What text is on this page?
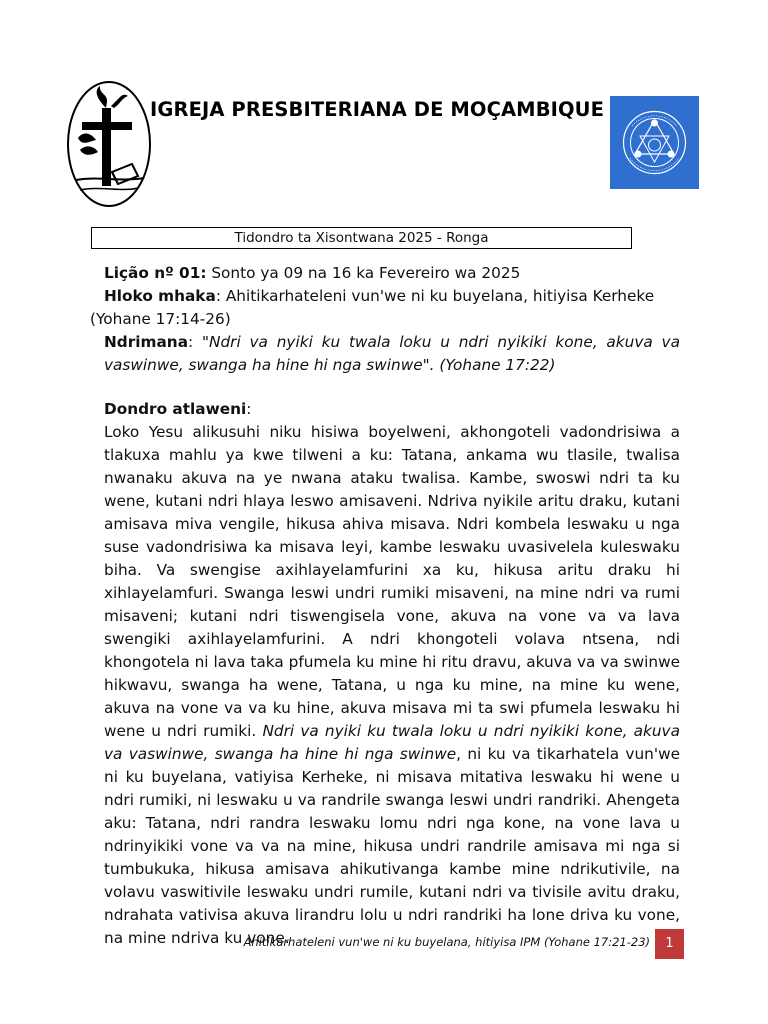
IGREJA PRESBITERIANA DE MOÇAMBIQUE
Tidondro ta Xisontwana 2025 - Ronga
Lição nº 01: Sonto ya 09 na 16 ka Fevereiro wa 2025
Hloko mhaka: Ahitikarhateleni vun'we ni ku buyelana, hitiyisa Kerheke
(Yohane 17:14-26)
Ndrimana: "Ndri va nyiki ku twala loku u ndri nyikiki kone, akuva va vaswinwe, swanga ha hine hi nga swinwe". (Yohane 17:22)
Dondro atlaweni:
Loko Yesu alikusuhi niku hisiwa boyelweni, akhongoteli vadondrisiwa a tlakuxa mahlu ya kwe tilweni a ku: Tatana, ankama wu tlasile, twalisa nwanaku akuva na ye nwana ataku twalisa. Kambe, swoswi ndri ta ku wene, kutani ndri hlaya leswo amisaveni. Ndriva nyikile aritu draku, kutani amisava miva vengile, hikusa ahiva misava. Ndri kombela leswaku u nga suse vadondrisiwa ka misava leyi, kambe leswaku uvasivelela kuleswaku biha. Va swengise axihlayelamfurini xa ku, hikusa aritu draku hi xihlayelamfuri. Swanga leswi undri rumiki misaveni, na mine ndri va rumi misaveni; kutani ndri tiswengisela vone, akuva na vone va va lava swengiki axihlayelamfurini. A ndri khongoteli volava ntsena, ndi khongotela ni lava taka pfumela ku mine hi ritu dravu, akuva va va swinwe hikwavu, swanga ha wene, Tatana, u nga ku mine, na mine ku wene, akuva na vone va va ku hine, akuva misava mi ta swi pfumela leswaku hi wene u ndri rumiki. Ndri va nyiki ku twala loku u ndri nyikiki kone, akuva va vaswinwe, swanga ha hine hi nga swinwe, ni ku va tikarhatela vun'we ni ku buyelana, vatiyisa Kerheke, ni misava mitativa leswaku hi wene u ndri rumiki, ni leswaku u va randrile swanga leswi undri randriki. Ahengeta aku: Tatana, ndri randra leswaku lomu ndri nga kone, na vone lava u ndrinyikiki vone va va na mine, hikusa undri randrile amisava mi nga si tumbukuka, hikusa amisava ahikutivanga kambe mine ndrikutivile, na volavu vaswitivile leswaku undri rumile, kutani ndri va tivisile avitu draku, ndrahata vativisa akuva lirandru lolu u ndri randriki ha lone driva ku vone, na mine ndriva ku vone.
Ahitikarhateleni vun'we ni ku buyelana, hitiyisa IPM (Yohane 17:21-23)	1
